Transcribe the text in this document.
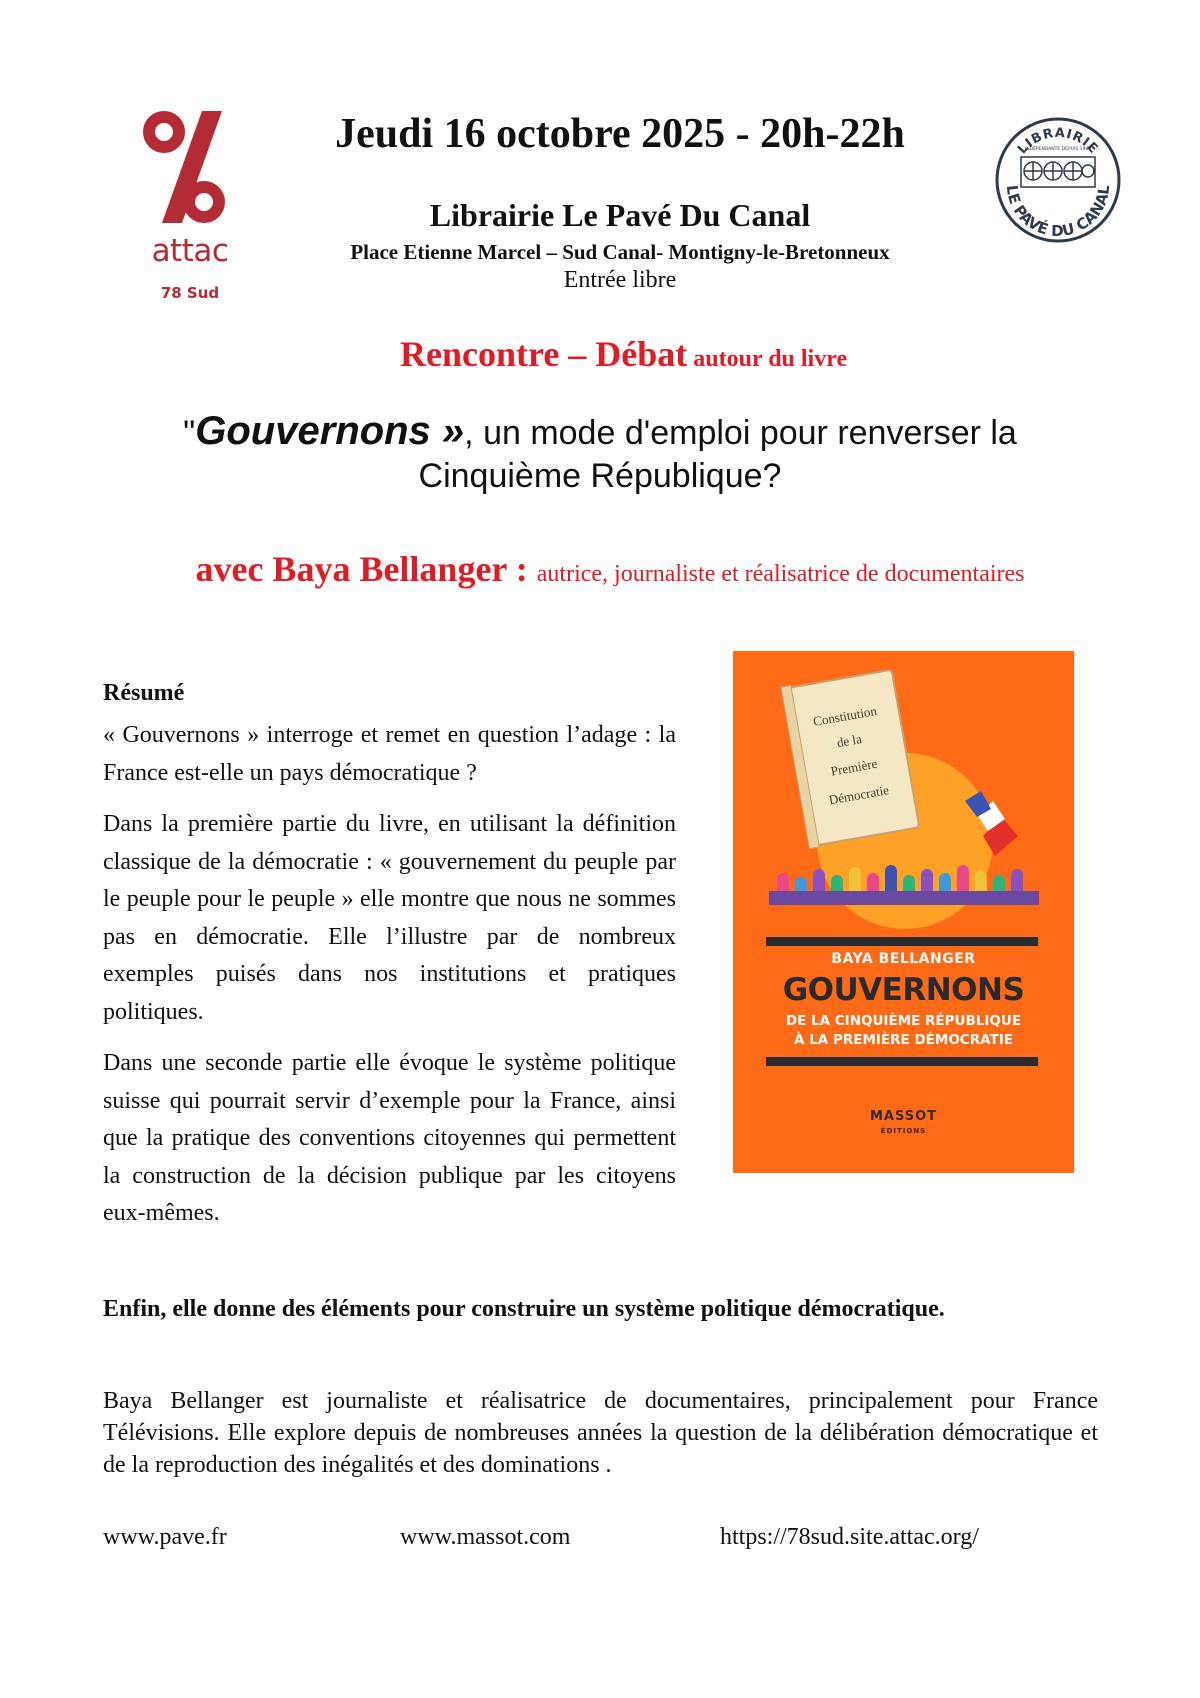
attac
78 Sud
Jeudi 16 octobre 2025 - 20h-22h
Librairie Le Pavé Du Canal
Place Etienne Marcel – Sud Canal- Montigny-le-Bretonneux
Entrée libre
LIBRAIRIE
LE PAVÉ DU CANAL
INDÉPENDANTE DEPUIS 1989
Rencontre – Débat autour du livre
"Gouvernons », un mode d'emploi pour renverser la
Cinquième République?
avec Baya Bellanger : autrice, journaliste et réalisatrice de documentaires
Résumé

« Gouvernons » interroge et remet en question l’adage : la France est-elle un pays démocratique ?

Dans la première partie du livre, en utilisant la définition classique de la démocratie : « gouvernement du peuple par le peuple pour le peuple » elle montre que nous ne sommes pas en démocratie. Elle l’illustre par de nombreux exemples puisés dans nos institutions et pratiques politiques.

Dans une seconde partie elle évoque le système politique suisse qui pourrait servir d’exemple pour la France, ainsi que la pratique des conventions citoyennes qui permettent la construction de la décision publique par les citoyens eux-mêmes.

Constitution
de la
Première
Démocratie
BAYA BELLANGER
GOUVERNONS
DE LA CINQUIÈME RÉPUBLIQUE
À LA PREMIÈRE DÉMOCRATIE
MASSOT
ÉDITIONS
Enfin, elle donne des éléments pour construire un système politique démocratique.
Baya Bellanger est journaliste et réalisatrice de documentaires, principalement pour France Télévisions. Elle explore depuis de nombreuses années la question de la délibération démocratique et de la reproduction des inégalités et des dominations .
www.pave.fr	www.massot.com	https://78sud.site.attac.org/
